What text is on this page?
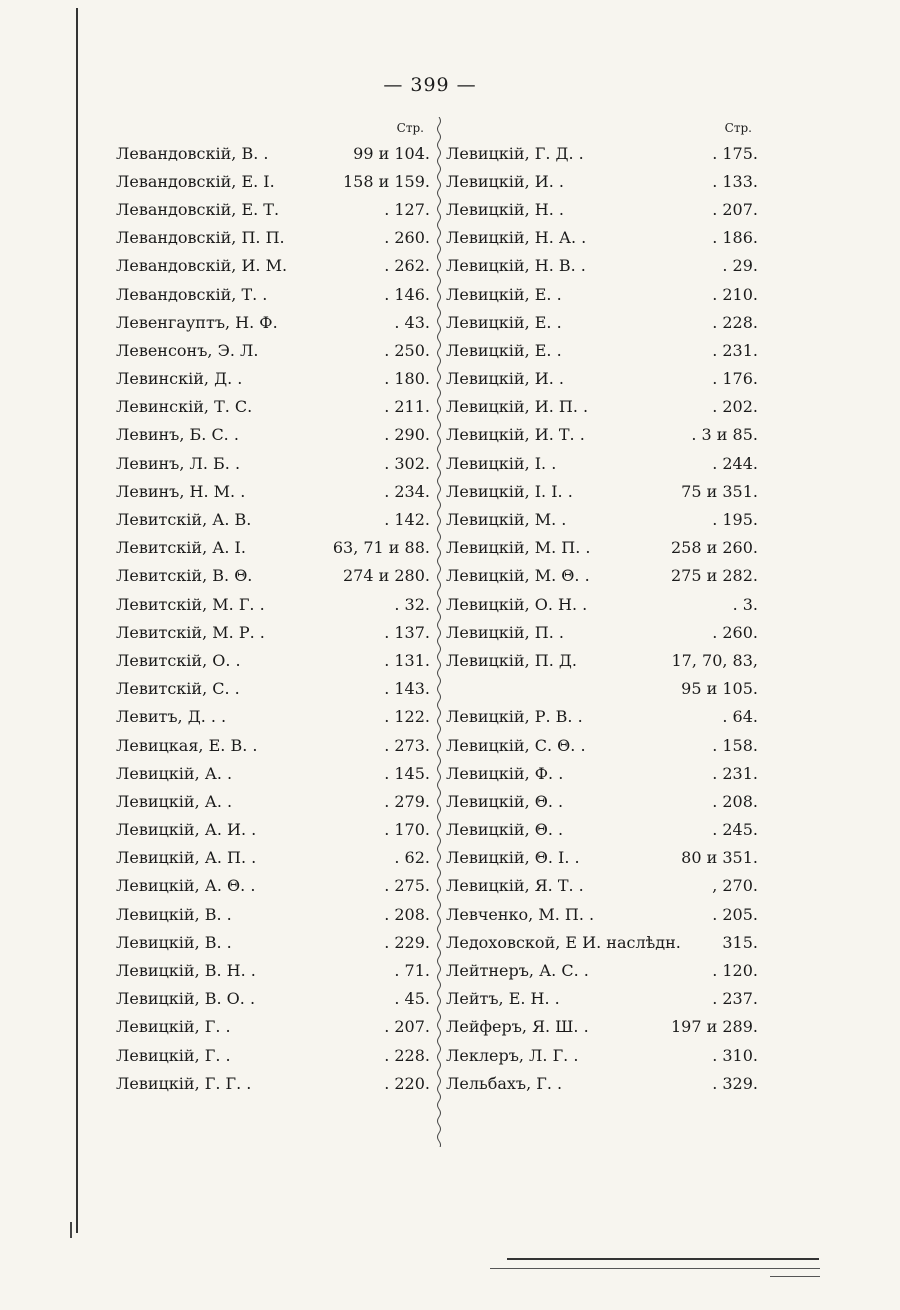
— 399 —
Стр.
Левандовскій, В. .	99 и 104.
Левандовскій, Е. І.	158 и 159.
Левандовскій, Е. Т.	. 127.
Левандовскій, П. П.	. 260.
Левандовскій, И. М.	. 262.
Левандовскій, Т. .	. 146.
Левенгауптъ, Н. Ф.	. 43.
Левенсонъ, Э. Л.	. 250.
Левинскій, Д. .	. 180.
Левинскій, Т. С.	. 211.
Левинъ, Б. С. .	. 290.
Левинъ, Л. Б. .	. 302.
Левинъ, Н. М. .	. 234.
Левитскій, А. В.	. 142.
Левитскій, А. І.	63, 71 и 88.
Левитскій, В. Θ.	274 и 280.
Левитскій, М. Г. .	. 32.
Левитскій, М. Р. .	. 137.
Левитскій, О. .	. 131.
Левитскій, С. .	. 143.
Левитъ, Д. . .	. 122.
Левицкая, Е. В. .	. 273.
Левицкій, А. .	. 145.
Левицкій, А. .	. 279.
Левицкій, А. И. .	. 170.
Левицкій, А. П. .	. 62.
Левицкій, А. Θ. .	. 275.
Левицкій, В. .	. 208.
Левицкій, В. .	. 229.
Левицкій, В. Н. .	. 71.
Левицкій, В. О. .	. 45.
Левицкій, Г. .	. 207.
Левицкій, Г. .	. 228.
Левицкій, Г. Г. .	. 220.
Стр.
Левицкій, Г. Д. .	. 175.
Левицкій, И. .	. 133.
Левицкій, Н. .	. 207.
Левицкій, Н. А. .	. 186.
Левицкій, Н. В. .	. 29.
Левицкій, Е. .	. 210.
Левицкій, Е. .	. 228.
Левицкій, Е. .	. 231.
Левицкій, И. .	. 176.
Левицкій, И. П. .	. 202.
Левицкій, И. Т. .	. 3 и 85.
Левицкій, І. .	. 244.
Левицкій, І. І. .	75 и 351.
Левицкій, М. .	. 195.
Левицкій, М. П. .	258 и 260.
Левицкій, М. Θ. .	275 и 282.
Левицкій, О. Н. .	. 3.
Левицкій, П. .	. 260.
Левицкій, П. Д.	17, 70, 83,
95 и 105.
Левицкій, Р. В. .	. 64.
Левицкій, С. Θ. .	. 158.
Левицкій, Ф. .	. 231.
Левицкій, Θ. .	. 208.
Левицкій, Θ. .	. 245.
Левицкій, Θ. І. .	80 и 351.
Левицкій, Я. Т. .	, 270.
Левченко, М. П. .	. 205.
Ледоховской, Е И. наслѣдн.	315.
Лейтнеръ, А. С. .	. 120.
Лейтъ, Е. Н. .	. 237.
Лейферъ, Я. Ш. .	197 и 289.
Леклеръ, Л. Г. .	. 310.
Лельбахъ, Г. .	. 329.
